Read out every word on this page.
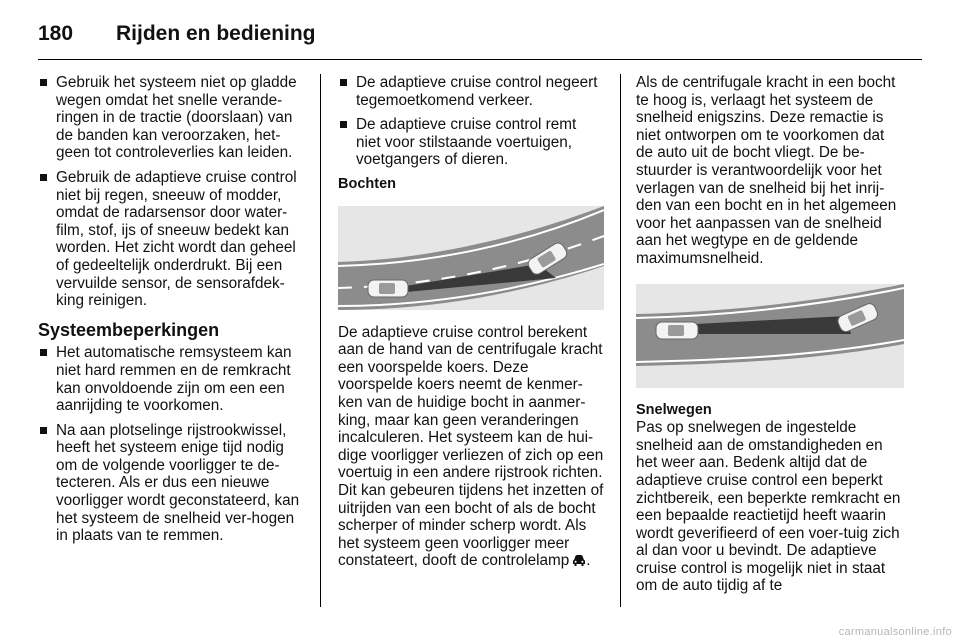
180	Rijden en bediening
Gebruik het systeem niet op gladde wegen omdat het snelle verande-ringen in de tractie (doorslaan) van de banden kan veroorzaken, het-geen tot controleverlies kan leiden.
Gebruik de adaptieve cruise control niet bij regen, sneeuw of modder, omdat de radarsensor door water-film, stof, ijs of sneeuw bedekt kan worden. Het zicht wordt dan geheel of gedeeltelijk onderdrukt. Bij een vervuilde sensor, de sensorafdek-king reinigen.
Systeembeperkingen
Het automatische remsysteem kan niet hard remmen en de remkracht kan onvoldoende zijn om een een aanrijding te voorkomen.
Na aan plotselinge rijstrookwissel, heeft het systeem enige tijd nodig om de volgende voorligger te de-tecteren. Als er dus een nieuwe voorligger wordt geconstateerd, kan het systeem de snelheid ver-hogen in plaats van te remmen.
De adaptieve cruise control negeert tegemoetkomend verkeer.
De adaptieve cruise control remt niet voor stilstaande voertuigen, voetgangers of dieren.
Bochten

De adaptieve cruise control berekent aan de hand van de centrifugale kracht een voorspelde koers. Deze voorspelde koers neemt de kenmer-ken van de huidige bocht in aanmer-king, maar kan geen veranderingen incalculeren. Het systeem kan de hui-dige voorligger verliezen of zich op een voertuig in een andere rijstrook richten. Dit kan gebeuren tijdens het inzetten of uitrijden van een bocht of als de bocht scherper of minder scherp wordt. Als het systeem geen voorligger meer constateert, dooft de controlelamp .

Als de centrifugale kracht in een bocht te hoog is, verlaagt het systeem de snelheid enigszins. Deze remactie is niet ontworpen om te voorkomen dat de auto uit de bocht vliegt. De be-stuurder is verantwoordelijk voor het verlagen van de snelheid bij het inrij-den van een bocht en in het algemeen voor het aanpassen van de snelheid aan het wegtype en de geldende maximumsnelheid.

Snelwegen

Pas op snelwegen de ingestelde snelheid aan de omstandigheden en het weer aan. Bedenk altijd dat de adaptieve cruise control een beperkt zichtbereik, een beperkte remkracht en een bepaalde reactietijd heeft waarin wordt geverifieerd of een voer-tuig zich al dan voor u bevindt. De adaptieve cruise control is mogelijk niet in staat om de auto tijdig af te

carmanualsonline.info
